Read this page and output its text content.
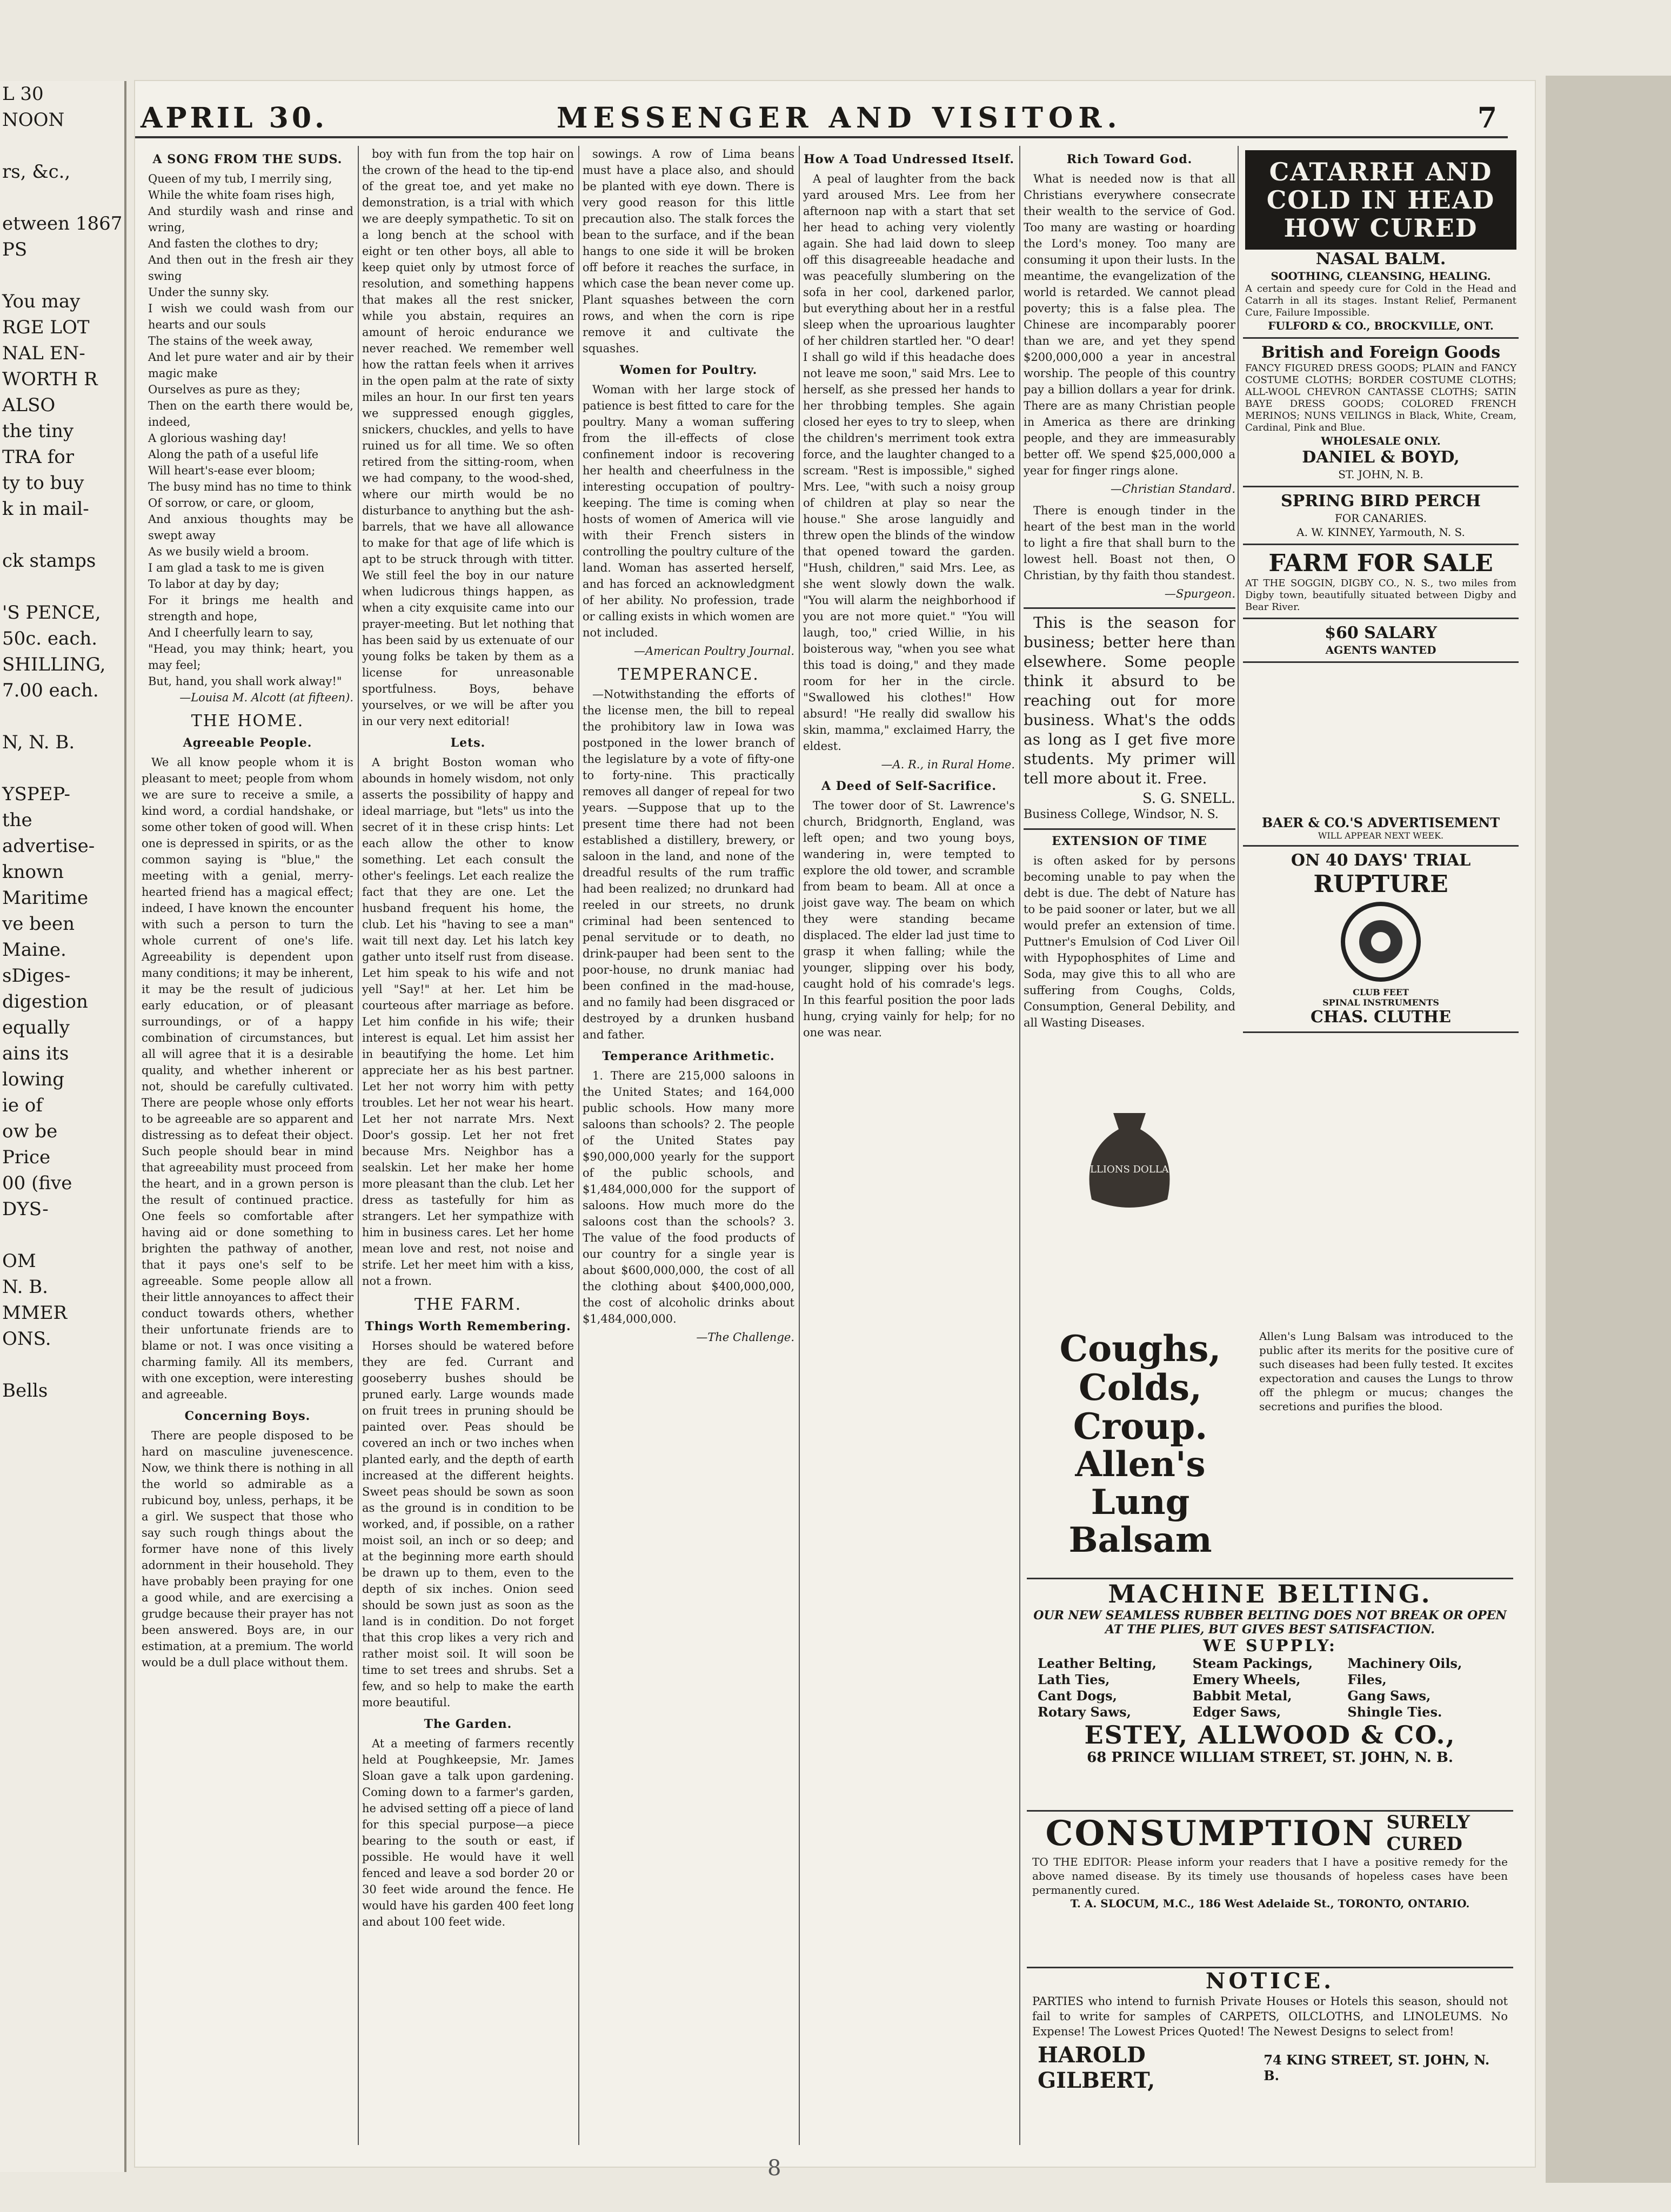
L 30
NOON

rs, &c.,

etween 1867
PS

You may
RGE LOT
NAL EN-
WORTH R
ALSO
the tiny
TRA for
ty to buy
k in mail-

ck stamps

'S PENCE,
50c. each.
SHILLING,
7.00 each.

N, N. B.

YSPEP-
the
advertise-
known
Maritime
ve been
Maine.
sDiges-
digestion
equally
ains its
lowing
ie of
ow be
Price
00 (five
DYS-

OM
N. B.
MMER
ONS.

Bells
APRIL 30.	MESSENGER AND VISITOR.	7
A SONG FROM THE SUDS.
Queen of my tub, I merrily sing,
While the white foam rises high,
And sturdily wash and rinse and wring,
And fasten the clothes to dry;
And then out in the fresh air they swing
Under the sunny sky.
I wish we could wash from our hearts and our souls
The stains of the week away,
And let pure water and air by their magic make
Ourselves as pure as they;
Then on the earth there would be, indeed,
A glorious washing day!
Along the path of a useful life
Will heart's-ease ever bloom;
The busy mind has no time to think
Of sorrow, or care, or gloom,
And anxious thoughts may be swept away
As we busily wield a broom.
I am glad a task to me is given
To labor at day by day;
For it brings me health and strength and hope,
And I cheerfully learn to say,
"Head, you may think; heart, you may feel;
But, hand, you shall work alway!"
—Louisa M. Alcott (at fifteen).
THE HOME.
Agreeable People.

We all know people whom it is pleasant to meet; people from whom we are sure to receive a smile, a kind word, a cordial handshake, or some other token of good will. When one is depressed in spirits, or as the common saying is "blue," the meeting with a genial, merry-hearted friend has a magical effect; indeed, I have known the encounter with such a person to turn the whole current of one's life. Agreeability is dependent upon many conditions; it may be inherent, it may be the result of judicious early education, or of pleasant surroundings, or of a happy combination of circumstances, but all will agree that it is a desirable quality, and whether inherent or not, should be carefully cultivated. There are people whose only efforts to be agreeable are so apparent and distressing as to defeat their object. Such people should bear in mind that agreeability must proceed from the heart, and in a grown person is the result of continued practice. One feels so comfortable after having aid or done something to brighten the pathway of another, that it pays one's self to be agreeable. Some people allow all their little annoyances to affect their conduct towards others, whether their unfortunate friends are to blame or not. I was once visiting a charming family. All its members, with one exception, were interesting and agreeable.

Concerning Boys.

There are people disposed to be hard on masculine juvenescence. Now, we think there is nothing in all the world so admirable as a rubicund boy, unless, perhaps, it be a girl. We suspect that those who say such rough things about the former have none of this lively adornment in their household. They have probably been praying for one a good while, and are exercising a grudge because their prayer has not been answered. Boys are, in our estimation, at a premium. The world would be a dull place without them.

boy with fun from the top hair on the crown of the head to the tip-end of the great toe, and yet make no demonstration, is a trial with which we are deeply sympathetic. To sit on a long bench at the school with eight or ten other boys, all able to keep quiet only by utmost force of resolution, and something happens that makes all the rest snicker, while you abstain, requires an amount of heroic endurance we never reached. We remember well how the rattan feels when it arrives in the open palm at the rate of sixty miles an hour. In our first ten years we suppressed enough giggles, snickers, chuckles, and yells to have ruined us for all time. We so often retired from the sitting-room, when we had company, to the wood-shed, where our mirth would be no disturbance to anything but the ash-barrels, that we have all allowance to make for that age of life which is apt to be struck through with titter. We still feel the boy in our nature when ludicrous things happen, as when a city exquisite came into our prayer-meeting. But let nothing that has been said by us extenuate of our young folks be taken by them as a license for unreasonable sportfulness. Boys, behave yourselves, or we will be after you in our very next editorial!

Lets.

A bright Boston woman who abounds in homely wisdom, not only asserts the possibility of happy and ideal marriage, but "lets" us into the secret of it in these crisp hints: Let each allow the other to know something. Let each consult the other's feelings. Let each realize the fact that they are one. Let the husband frequent his home, the club. Let his "having to see a man" wait till next day. Let his latch key gather unto itself rust from disease. Let him speak to his wife and not yell "Say!" at her. Let him be courteous after marriage as before. Let him confide in his wife; their interest is equal. Let him assist her in beautifying the home. Let him appreciate her as his best partner. Let her not worry him with petty troubles. Let her not wear his heart. Let her not narrate Mrs. Next Door's gossip. Let her not fret because Mrs. Neighbor has a sealskin. Let her make her home more pleasant than the club. Let her dress as tastefully for him as strangers. Let her sympathize with him in business cares. Let her home mean love and rest, not noise and strife. Let her meet him with a kiss, not a frown.

THE FARM.
Things Worth Remembering.

Horses should be watered before they are fed. Currant and gooseberry bushes should be pruned early. Large wounds made on fruit trees in pruning should be painted over. Peas should be covered an inch or two inches when planted early, and the depth of earth increased at the different heights. Sweet peas should be sown as soon as the ground is in condition to be worked, and, if possible, on a rather moist soil, an inch or so deep; and at the beginning more earth should be drawn up to them, even to the depth of six inches. Onion seed should be sown just as soon as the land is in condition. Do not forget that this crop likes a very rich and rather moist soil. It will soon be time to set trees and shrubs. Set a few, and so help to make the earth more beautiful.

The Garden.

At a meeting of farmers recently held at Poughkeepsie, Mr. James Sloan gave a talk upon gardening. Coming down to a farmer's garden, he advised setting off a piece of land for this special purpose—a piece bearing to the south or east, if possible. He would have it well fenced and leave a sod border 20 or 30 feet wide around the fence. He would have his garden 400 feet long and about 100 feet wide.

sowings. A row of Lima beans must have a place also, and should be planted with eye down. There is very good reason for this little precaution also. The stalk forces the bean to the surface, and if the bean hangs to one side it will be broken off before it reaches the surface, in which case the bean never come up. Plant squashes between the corn rows, and when the corn is ripe remove it and cultivate the squashes.

Women for Poultry.

Woman with her large stock of patience is best fitted to care for the poultry. Many a woman suffering from the ill-effects of close confinement indoor is recovering her health and cheerfulness in the interesting occupation of poultry-keeping. The time is coming when hosts of women of America will vie with their French sisters in controlling the poultry culture of the land. Woman has asserted herself, and has forced an acknowledgment of her ability. No profession, trade or calling exists in which women are not included.

—American Poultry Journal.
TEMPERANCE.

—Notwithstanding the efforts of the license men, the bill to repeal the prohibitory law in Iowa was postponed in the lower branch of the legislature by a vote of fifty-one to forty-nine. This practically removes all danger of repeal for two years. —Suppose that up to the present time there had not been established a distillery, brewery, or saloon in the land, and none of the dreadful results of the rum traffic had been realized; no drunkard had reeled in our streets, no drunk criminal had been sentenced to penal servitude or to death, no drink-pauper had been sent to the poor-house, no drunk maniac had been confined in the mad-house, and no family had been disgraced or destroyed by a drunken husband and father.

Temperance Arithmetic.

1. There are 215,000 saloons in the United States; and 164,000 public schools. How many more saloons than schools? 2. The people of the United States pay $90,000,000 yearly for the support of the public schools, and $1,484,000,000 for the support of saloons. How much more do the saloons cost than the schools? 3. The value of the food products of our country for a single year is about $600,000,000, the cost of all the clothing about $400,000,000, the cost of alcoholic drinks about $1,484,000,000.

—The Challenge.
How A Toad Undressed Itself.

A peal of laughter from the back yard aroused Mrs. Lee from her afternoon nap with a start that set her head to aching very violently again. She had laid down to sleep off this disagreeable headache and was peacefully slumbering on the sofa in her cool, darkened parlor, but everything about her in a restful sleep when the uproarious laughter of her children startled her. "O dear! I shall go wild if this headache does not leave me soon," said Mrs. Lee to herself, as she pressed her hands to her throbbing temples. She again closed her eyes to try to sleep, when the children's merriment took extra force, and the laughter changed to a scream. "Rest is impossible," sighed Mrs. Lee, "with such a noisy group of children at play so near the house." She arose languidly and threw open the blinds of the window that opened toward the garden. "Hush, children," said Mrs. Lee, as she went slowly down the walk. "You will alarm the neighborhood if you are not more quiet." "You will laugh, too," cried Willie, in his boisterous way, "when you see what this toad is doing," and they made room for her in the circle. "Swallowed his clothes!" How absurd! "He really did swallow his skin, mamma," exclaimed Harry, the eldest.

—A. R., in Rural Home.
A Deed of Self-Sacrifice.

The tower door of St. Lawrence's church, Bridgnorth, England, was left open; and two young boys, wandering in, were tempted to explore the old tower, and scramble from beam to beam. All at once a joist gave way. The beam on which they were standing became displaced. The elder lad just time to grasp it when falling; while the younger, slipping over his body, caught hold of his comrade's legs. In this fearful position the poor lads hung, crying vainly for help; for no one was near.

Rich Toward God.

What is needed now is that all Christians everywhere consecrate their wealth to the service of God. Too many are wasting or hoarding the Lord's money. Too many are consuming it upon their lusts. In the meantime, the evangelization of the world is retarded. We cannot plead poverty; this is a false plea. The Chinese are incomparably poorer than we are, and yet they spend $200,000,000 a year in ancestral worship. The people of this country pay a billion dollars a year for drink. There are as many Christian people in America as there are drinking people, and they are immeasurably better off. We spend $25,000,000 a year for finger rings alone.

—Christian Standard.

There is enough tinder in the heart of the best man in the world to light a fire that shall burn to the lowest hell. Boast not then, O Christian, by thy faith thou standest.

—Spurgeon.

This is the season for business; better here than elsewhere. Some people think it absurd to be reaching out for more business. What's the odds as long as I get five more students. My primer will tell more about it. Free.

S. G. SNELL.
Business College, Windsor, N. S.
EXTENSION OF TIME

is often asked for by persons becoming unable to pay when the debt is due. The debt of Nature has to be paid sooner or later, but we all would prefer an extension of time. Puttner's Emulsion of Cod Liver Oil with Hypophosphites of Lime and Soda, may give this to all who are suffering from Coughs, Colds, Consumption, General Debility, and all Wasting Diseases.

CATARRH AND COLD IN HEAD HOW CURED
NASAL BALM.
SOOTHING, CLEANSING, HEALING.
A certain and speedy cure for Cold in the Head and Catarrh in all its stages. Instant Relief, Permanent Cure, Failure Impossible.
FULFORD & CO., BROCKVILLE, ONT.
British and Foreign Goods
FANCY FIGURED DRESS GOODS; PLAIN and FANCY COSTUME CLOTHS; BORDER COSTUME CLOTHS; ALL-WOOL CHEVRON CANTASSE CLOTHS; SATIN BAYE DRESS GOODS; COLORED FRENCH MERINOS; NUNS VEILINGS in Black, White, Cream, Cardinal, Pink and Blue.
WHOLESALE ONLY.
DANIEL & BOYD,
ST. JOHN, N. B.
SPRING BIRD PERCH
FOR CANARIES.
A. W. KINNEY, Yarmouth, N. S.
FARM FOR SALE
AT THE SOGGIN, DIGBY CO., N. S., two miles from Digby town, beautifully situated between Digby and Bear River.
$60 SALARY
AGENTS WANTED
BAER & CO.'S ADVERTISEMENT
WILL APPEAR NEXT WEEK.
ON 40 DAYS' TRIAL
RUPTURE
CLUB FEET
SPINAL INSTRUMENTS
CHAS. CLUTHE
MILLIONS DOLLARS
Coughs, Colds, Croup.
Allen's Lung Balsam
Allen's Lung Balsam was introduced to the public after its merits for the positive cure of such diseases had been fully tested. It excites expectoration and causes the Lungs to throw off the phlegm or mucus; changes the secretions and purifies the blood.
MACHINE BELTING.
OUR NEW SEAMLESS RUBBER BELTING DOES NOT BREAK OR OPEN AT THE PLIES, BUT GIVES BEST SATISFACTION.
WE SUPPLY:
Leather Belting,	Steam Packings,	Machinery Oils,
Lath Ties,	Emery Wheels,	Files,
Cant Dogs,	Babbit Metal,	Gang Saws,
Rotary Saws,	Edger Saws,	Shingle Ties.
ESTEY, ALLWOOD & CO.,
68 PRINCE WILLIAM STREET, ST. JOHN, N. B.
CONSUMPTION SURELY CURED
TO THE EDITOR: Please inform your readers that I have a positive remedy for the above named disease. By its timely use thousands of hopeless cases have been permanently cured.
T. A. SLOCUM, M.C., 186 West Adelaide St., TORONTO, ONTARIO.
NOTICE.
PARTIES who intend to furnish Private Houses or Hotels this season, should not fail to write for samples of CARPETS, OILCLOTHS, and LINOLEUMS. No Expense! The Lowest Prices Quoted! The Newest Designs to select from!
HAROLD GILBERT,
74 KING STREET, ST. JOHN, N. B.
8
